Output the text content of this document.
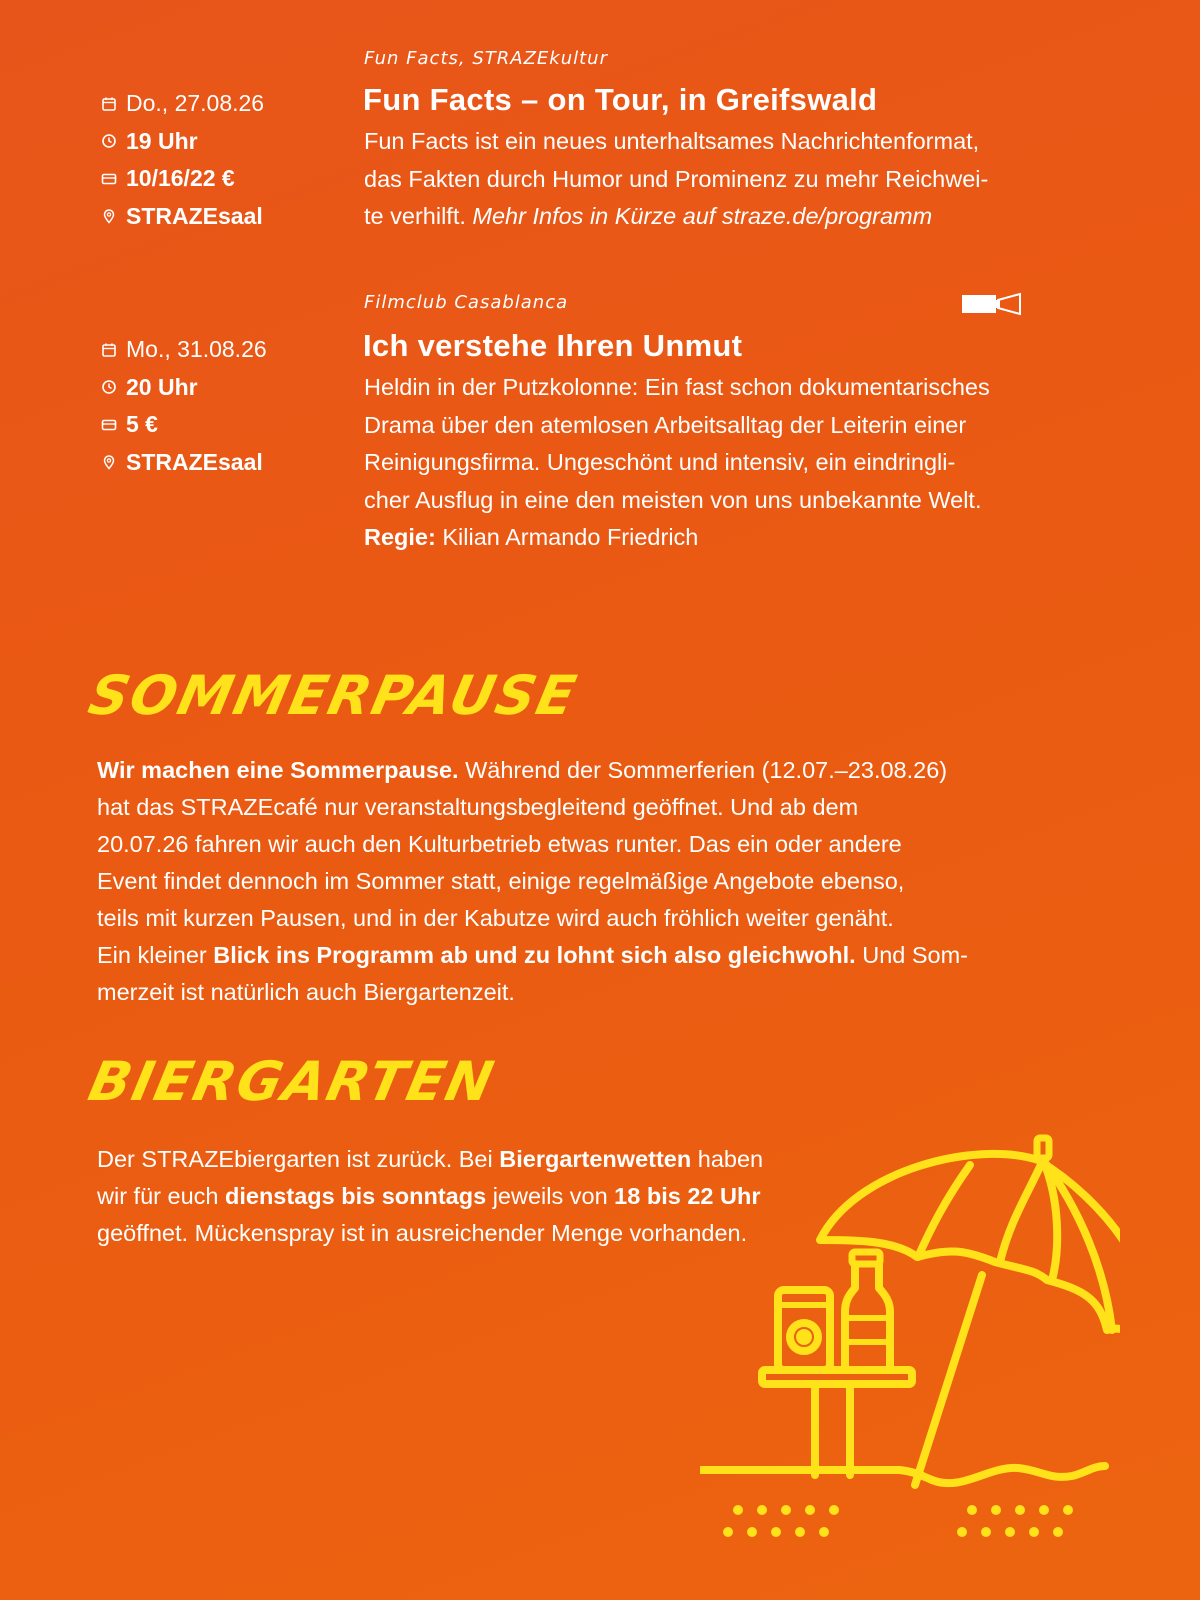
Fun Facts, STRAZEkultur
Do., 27.08.26
19 Uhr
10/16/22 €
STRAZEsaal
Fun Facts – on Tour, in Greifswald
Fun Facts ist ein neues unterhaltsames Nachrichtenformat,
das Fakten durch Humor und Prominenz zu mehr Reichwei-
te verhilft. Mehr Infos in Kürze auf straze.de/programm
Filmclub Casablanca
Mo., 31.08.26
20 Uhr
5 €
STRAZEsaal
Ich verstehe Ihren Unmut
Heldin in der Putzkolonne: Ein fast schon dokumentarisches
Drama über den atemlosen Arbeitsalltag der Leiterin einer
Reinigungsfirma. Ungeschönt und intensiv, ein eindringli-
cher Ausflug in eine den meisten von uns unbekannte Welt.
Regie: Kilian Armando Friedrich
SOMMERPAUSE
Wir machen eine Sommerpause. Während der Sommerferien (12.07.–23.08.26)
hat das STRAZEcafé nur veranstaltungsbegleitend geöffnet. Und ab dem
20.07.26 fahren wir auch den Kulturbetrieb etwas runter. Das ein oder andere
Event findet dennoch im Sommer statt, einige regelmäßige Angebote ebenso,
teils mit kurzen Pausen, und in der Kabutze wird auch fröhlich weiter genäht.
Ein kleiner Blick ins Programm ab und zu lohnt sich also gleichwohl. Und Som-
merzeit ist natürlich auch Biergartenzeit.
BIERGARTEN
Der STRAZEbiergarten ist zurück. Bei Biergartenwetten haben
wir für euch dienstags bis sonntags jeweils von 18 bis 22 Uhr
geöffnet. Mückenspray ist in ausreichender Menge vorhanden.
